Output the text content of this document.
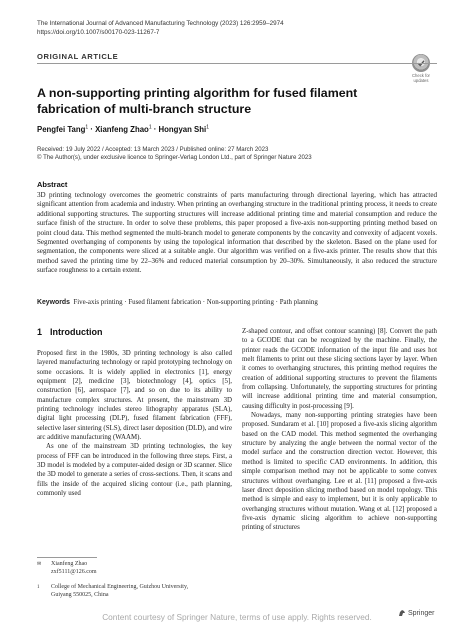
The International Journal of Advanced Manufacturing Technology (2023) 126:2959–2974
https://doi.org/10.1007/s00170-023-11267-7
ORIGINAL ARTICLE
Check for
updates
A non-supporting printing algorithm for fused filament fabrication of multi-branch structure
Pengfei Tang$^1$ · Xianfeng Zhao$^1$ · Hongyan Shi$^1$
Received: 19 July 2022 / Accepted: 13 March 2023 / Published online: 27 March 2023
© The Author(s), under exclusive licence to Springer-Verlag London Ltd., part of Springer Nature 2023
Abstract
3D printing technology overcomes the geometric constraints of parts manufacturing through directional layering, which has attracted significant attention from academia and industry. When printing an overhanging structure in the traditional printing process, it needs to create additional supporting structures. The supporting structures will increase additional printing time and material consumption and reduce the surface finish of the structure. In order to solve these problems, this paper proposed a five-axis non-supporting printing method based on point cloud data. This method segmented the multi-branch model to generate components by the concavity and convexity of adjacent voxels. Segmented overhanging of components by using the topological information that described by the skeleton. Based on the plane used for segmentation, the components were sliced at a suitable angle. Our algorithm was verified on a five-axis printer. The results show that this method saved the printing time by 22–36% and reduced material consumption by 20–30%. Simultaneously, it also reduced the structure surface roughness to a certain extent.
Keywords Five-axis printing · Fused filament fabrication · Non-supporting printing · Path planning
1 Introduction

Proposed first in the 1980s, 3D printing technology is also called layered manufacturing technology or rapid prototyping technology on some occasions. It is widely applied in electronics [1], energy equipment [2], medicine [3], biotechnology [4], optics [5], construction [6], aerospace [7], and so on due to its ability to manufacture complex structures. At present, the mainstream 3D printing technology includes stereo lithography apparatus (SLA), digital light processing (DLP), fused filament fabrication (FFF), selective laser sintering (SLS), direct laser deposition (DLD), and wire arc additive manufacturing (WAAM).

As one of the mainstream 3D printing technologies, the key process of FFF can be introduced in the following three steps. First, a 3D model is modeled by a computer-aided design or 3D scanner. Slice the 3D model to generate a series of cross-sections. Then, it scans and fills the inside of the acquired slicing contour (i.e., path planning, commonly used

Z-shaped contour, and offset contour scanning) [8]. Convert the path to a GCODE that can be recognized by the machine. Finally, the printer reads the GCODE information of the input file and uses hot melt filaments to print out these slicing sections layer by layer. When it comes to overhanging structures, this printing method requires the creation of additional supporting structures to prevent the filaments from collapsing. Unfortunately, the supporting structures for printing will increase additional printing time and material consumption, causing difficulty in post-processing [9].

Nowadays, many non-supporting printing strategies have been proposed. Sundaram et al. [10] proposed a five-axis slicing algorithm based on the CAD model. This method segmented the overhanging structure by analyzing the angle between the normal vector of the model surface and the construction direction vector. However, this method is limited to specific CAD environments. In addition, this simple comparison method may not be applicable to some convex structures without overhanging. Lee et al. [11] proposed a five-axis laser direct deposition slicing method based on model topology. This method is simple and easy to implement, but it is only applicable to overhanging structures without mutation. Wang et al. [12] proposed a five-axis dynamic slicing algorithm to achieve non-supporting printing of structures

✉ Xianfeng Zhao
zxf5111@126.com
1 College of Mechanical Engineering, Guizhou University,
Guiyang 550025, China
Springer
Content courtesy of Springer Nature, terms of use apply. Rights reserved.
